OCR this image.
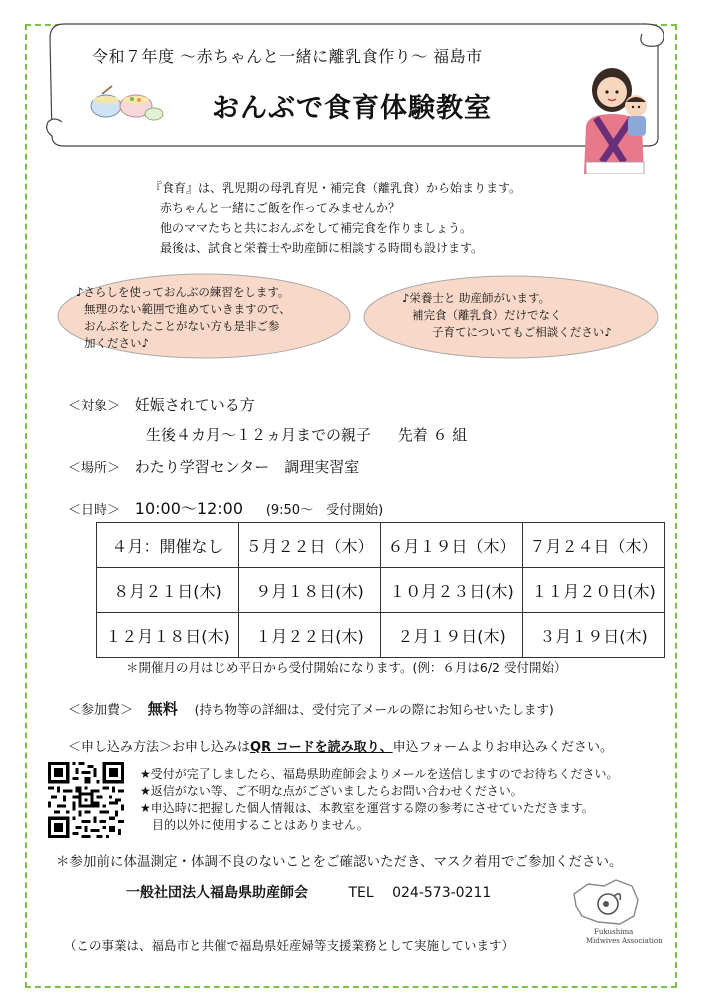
令和７年度 ～赤ちゃんと一緒に離乳食作り～ 福島市
おんぶで食育体験教室
『食育』は、乳児期の母乳育児・補完食（離乳食）から始まります。
赤ちゃんと一緒にご飯を作ってみませんか？
他のママたちと共におんぶをして補完食を作りましょう。
最後は、試食と栄養士や助産師に相談する時間も設けます。
♪さらしを使っておんぶの練習をします。
無理のない範囲で進めていきますので、
おんぶをしたことがない方も是非ご参
加ください♪
♪栄養士と 助産師がいます。
補完食（離乳食）だけでなく
子育てについてもご相談ください♪
＜対象＞ 妊娠されている方
生後４カ月～１２ヵ月までの親子 先着 ６ 組
＜場所＞ わたり学習センター　調理実習室
＜日時＞ 10:00～12:00 (9:50～　受付開始)
４月：開催なし	５月２２日（木）	６月１９日（木）	７月２４日（木）
８月２１日(木)	９月１８日(木)	１０月２３日(木)	１１月２０日(木)
１２月１８日(木)	１月２２日(木)	２月１９日(木)	３月１９日(木)
＊開催月の月はじめ平日から受付開始になります。(例：６月は6/2 受付開始）
＜参加費＞ 無料 (持ち物等の詳細は、受付完了メールの際にお知らせいたします)
＜申し込み方法＞お申し込みはQR コードを読み取り、申込フォームよりお申込みください。
★受付が完了しましたら、福島県助産師会よりメールを送信しますのでお待ちください。
★返信がない等、ご不明な点がございましたらお問い合わせください。
★申込時に把握した個人情報は、本教室を運営する際の参考にさせていただきます。
目的以外に使用することはありません。
＊参加前に体温測定・体調不良のないことをご確認いただき、マスク着用でご参加ください。
一般社団法人福島県助産師会	TEL 024-573-0211
Fukushima
Midwives Association
（この事業は、福島市と共催で福島県妊産婦等支援業務として実施しています）
